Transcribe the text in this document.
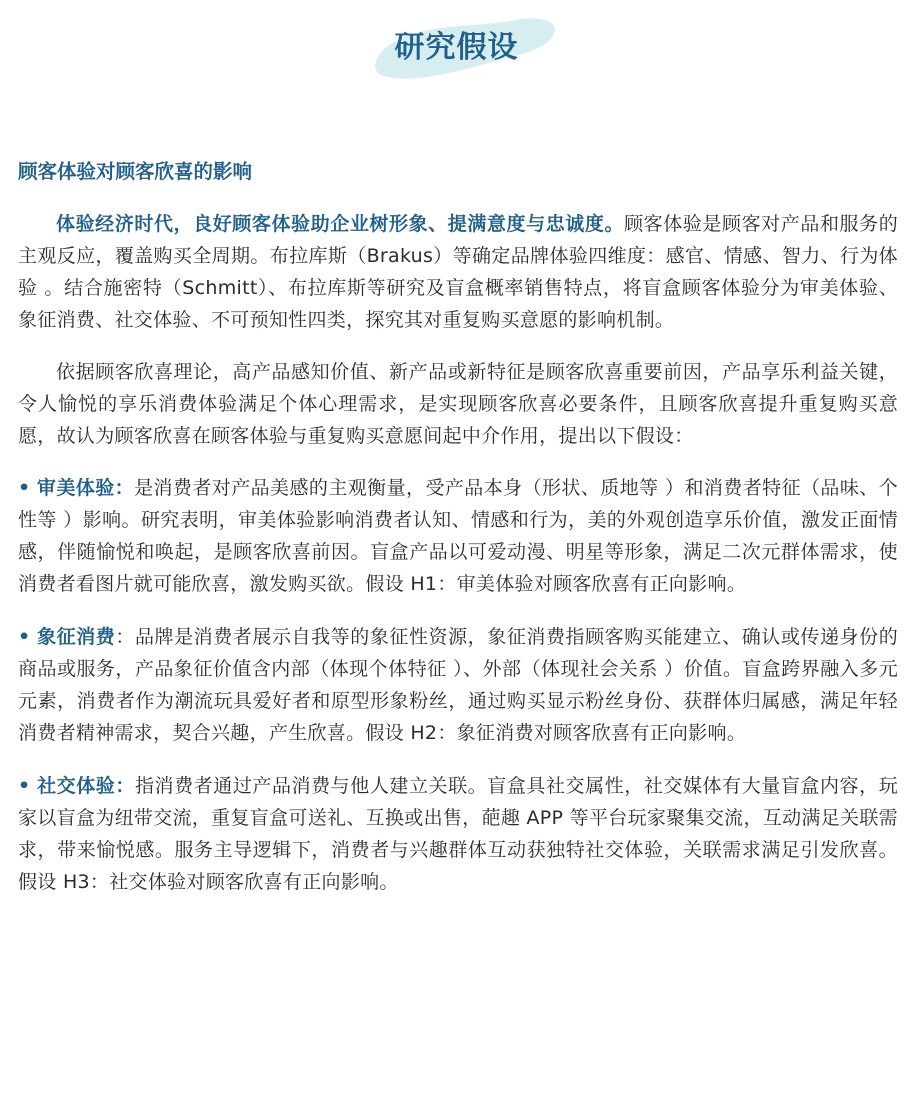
研究假设
顾客体验对顾客欣喜的影响

体验经济时代，良好顾客体验助企业树形象、提满意度与忠诚度。顾客体验是顾客对产品和服务的主观反应，覆盖购买全周期。布拉库斯（Brakus）等确定品牌体验四维度：感官、情感、智力、行为体验 。结合施密特（Schmitt）、布拉库斯等研究及盲盒概率销售特点，将盲盒顾客体验分为审美体验、象征消费、社交体验、不可预知性四类，探究其对重复购买意愿的影响机制。

依据顾客欣喜理论，高产品感知价值、新产品或新特征是顾客欣喜重要前因，产品享乐利益关键，令人愉悦的享乐消费体验满足个体心理需求，是实现顾客欣喜必要条件，且顾客欣喜提升重复购买意愿，故认为顾客欣喜在顾客体验与重复购买意愿间起中介作用，提出以下假设：

• 审美体验：是消费者对产品美感的主观衡量，受产品本身（形状、质地等 ）和消费者特征（品味、个性等 ）影响。研究表明，审美体验影响消费者认知、情感和行为，美的外观创造享乐价值，激发正面情感，伴随愉悦和唤起，是顾客欣喜前因。盲盒产品以可爱动漫、明星等形象，满足二次元群体需求，使消费者看图片就可能欣喜，激发购买欲。假设 H1：审美体验对顾客欣喜有正向影响。

• 象征消费：品牌是消费者展示自我等的象征性资源，象征消费指顾客购买能建立、确认或传递身份的商品或服务，产品象征价值含内部（体现个体特征 ）、外部（体现社会关系 ）价值。盲盒跨界融入多元元素，消费者作为潮流玩具爱好者和原型形象粉丝，通过购买显示粉丝身份、获群体归属感，满足年轻消费者精神需求，契合兴趣，产生欣喜。假设 H2：象征消费对顾客欣喜有正向影响。

• 社交体验：指消费者通过产品消费与他人建立关联。盲盒具社交属性，社交媒体有大量盲盒内容，玩家以盲盒为纽带交流，重复盲盒可送礼、互换或出售，葩趣 APP 等平台玩家聚集交流，互动满足关联需求，带来愉悦感。服务主导逻辑下，消费者与兴趣群体互动获独特社交体验，关联需求满足引发欣喜。假设 H3：社交体验对顾客欣喜有正向影响。
